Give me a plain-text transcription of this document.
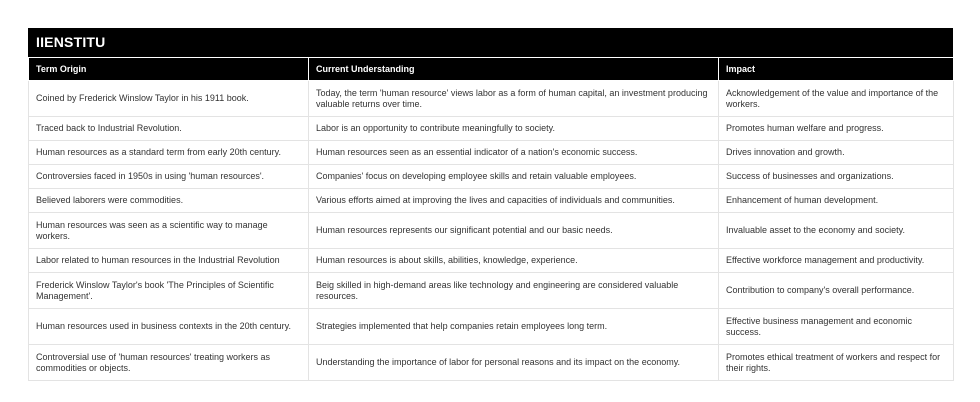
IIENSTITU
Term Origin	Current Understanding	Impact
Coined by Frederick Winslow Taylor in his 1911 book.	Today, the term 'human resource' views labor as a form of human capital, an investment producing valuable returns over time.	Acknowledgement of the value and importance of the workers.
Traced back to Industrial Revolution.	Labor is an opportunity to contribute meaningfully to society.	Promotes human welfare and progress.
Human resources as a standard term from early 20th century.	Human resources seen as an essential indicator of a nation's economic success.	Drives innovation and growth.
Controversies faced in 1950s in using 'human resources'.	Companies' focus on developing employee skills and retain valuable employees.	Success of businesses and organizations.
Believed laborers were commodities.	Various efforts aimed at improving the lives and capacities of individuals and communities.	Enhancement of human development.
Human resources was seen as a scientific way to manage workers.	Human resources represents our significant potential and our basic needs.	Invaluable asset to the economy and society.
Labor related to human resources in the Industrial Revolution	Human resources is about skills, abilities, knowledge, experience.	Effective workforce management and productivity.
Frederick Winslow Taylor's book 'The Principles of Scientific Management'.	Beig skilled in high-demand areas like technology and engineering are considered valuable resources.	Contribution to company's overall performance.
Human resources used in business contexts in the 20th century.	Strategies implemented that help companies retain employees long term.	Effective business management and economic success.
Controversial use of 'human resources' treating workers as commodities or objects.	Understanding the importance of labor for personal reasons and its impact on the economy.	Promotes ethical treatment of workers and respect for their rights.
